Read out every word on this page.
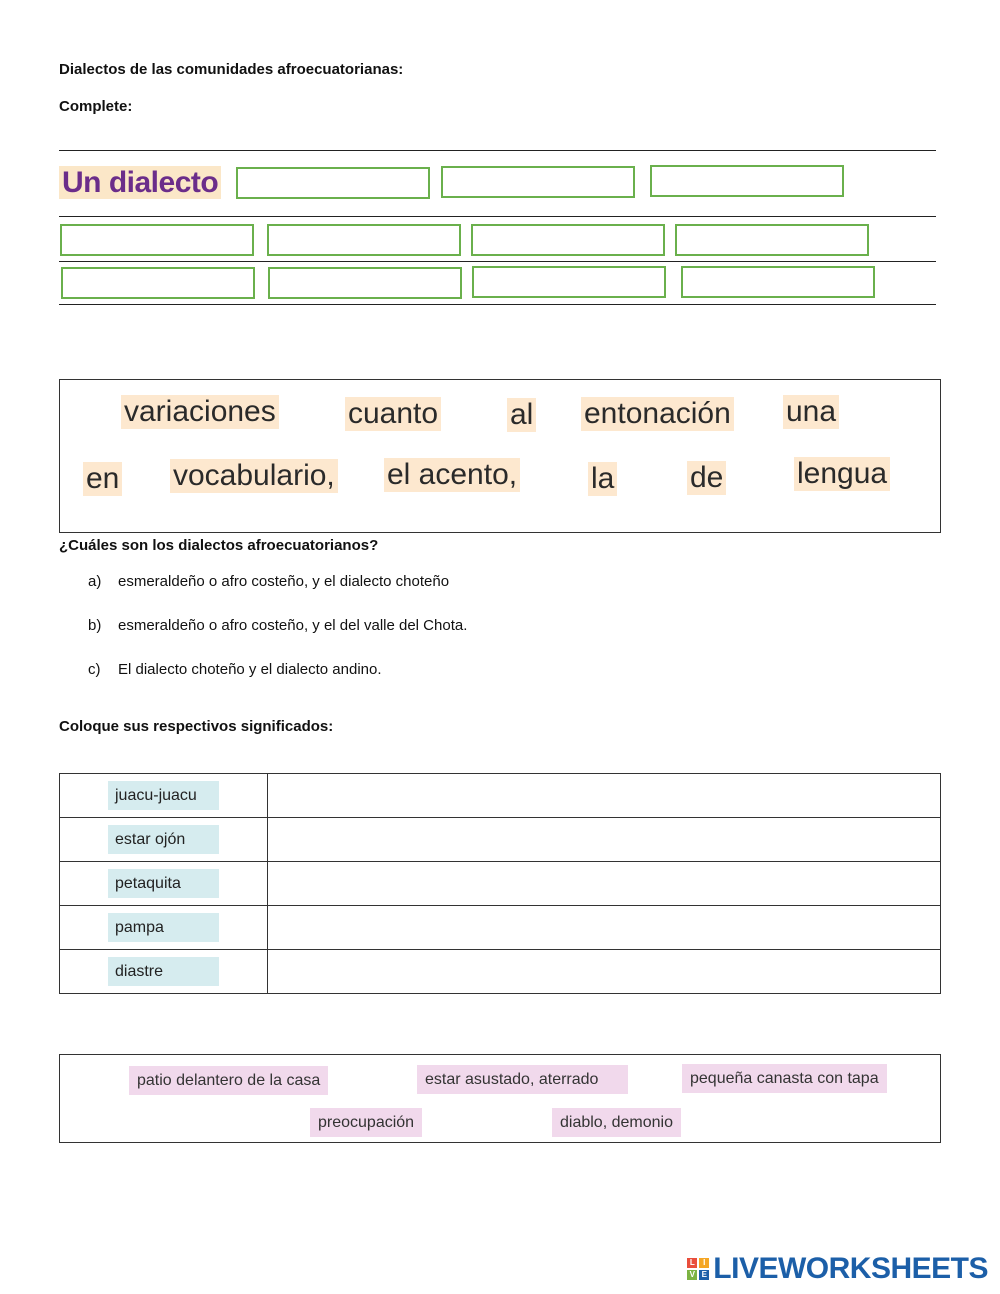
Dialectos de las comunidades afroecuatorianas:
Complete:
Un dialecto
variaciones cuanto al entonación una
en vocabulario, el acento, la	de lengua
¿Cuáles son los dialectos afroecuatorianos?
a) esmeraldeño o afro costeño, y el dialecto choteño
b) esmeraldeño o afro costeño, y el del valle del Chota.
c) El dialecto choteño y el dialecto andino.
Coloque sus respectivos significados:
juacu-juacu	
estar ojón	
petaquita	
pampa	
diastre	
patio delantero de la casa	estar asustado, aterrado	pequeña canasta con tapa
preocupación	diablo, demonio
L	I
V E LIVEWORKSHEETS
